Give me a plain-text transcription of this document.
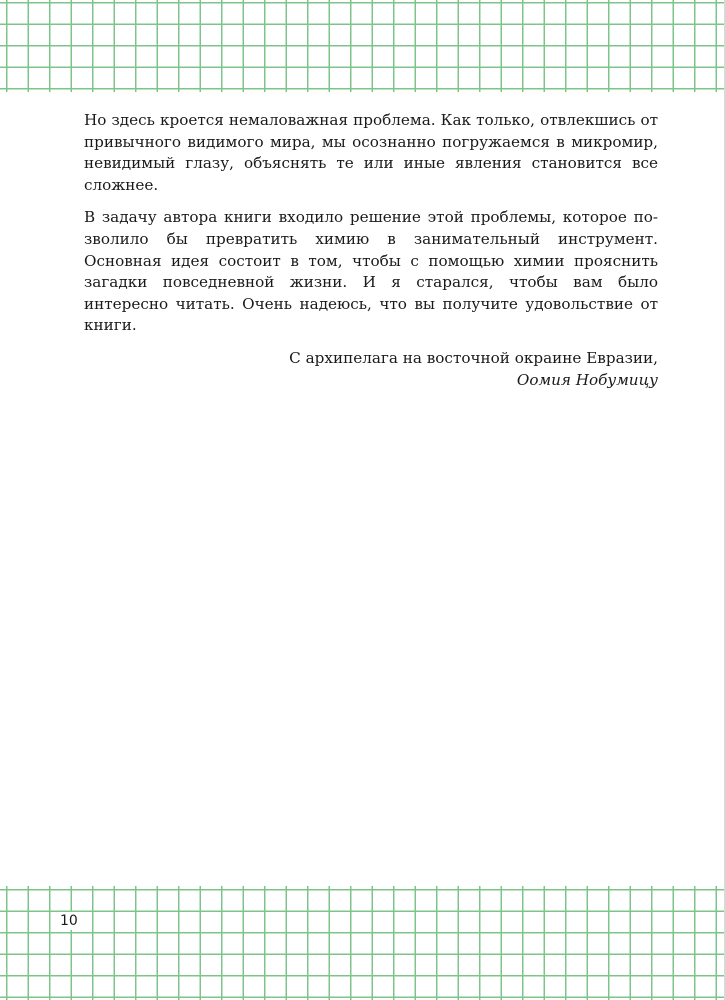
Но здесь кроется немаловажная проблема. Как только, отвлекшись от привычного видимого мира, мы осознанно погружаемся в микромир, невидимый глазу, объяснять те или иные явления становится все сложнее.

В задачу автора книги входило решение этой проблемы, которое позволило бы превратить химию в занимательный инструмент. Основная идея состоит в том, чтобы с помощью химии прояснить загадки повседневной жизни. И я старался, чтобы вам было интересно читать. Очень надеюсь, что вы получите удовольствие от книги.

С архипелага на восточной окраине Евразии,
Оомия Нобумицу
10
